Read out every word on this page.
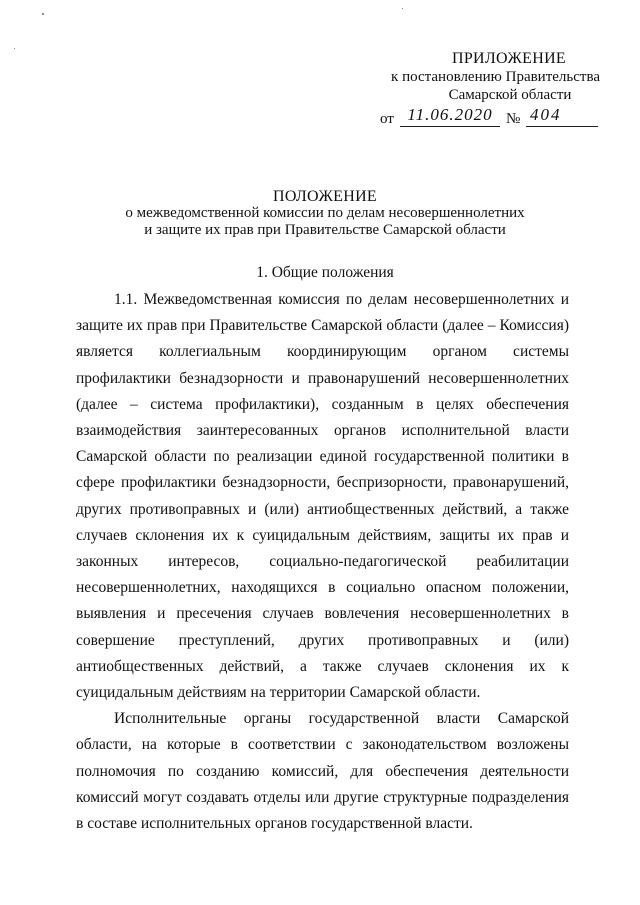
ПРИЛОЖЕНИЕ
к постановлению Правительства
Самарской области
от 11.06.2020 № 404
ПОЛОЖЕНИЕ
о межведомственной комиссии по делам несовершеннолетних
и защите их прав при Правительстве Самарской области
1. Общие положения

1.1. Межведомственная комиссия по делам несовершеннолетних и защите их прав при Правительстве Самарской области (далее – Комиссия) является коллегиальным координирующим органом системы профилактики безнадзорности и правонарушений несовершеннолетних (далее – система профилактики), созданным в целях обеспечения взаимодействия заинтересованных органов исполнительной власти Самарской области по реализации единой государственной политики в сфере профилактики безнадзорности, беспризорности, правонарушений, других противоправных и (или) антиобщественных действий, а также случаев склонения их к суицидальным действиям, защиты их прав и законных интересов, социально-педагогической реабилитации несовершеннолетних, находящихся в социально опасном положении, выявления и пресечения случаев вовлечения несовершеннолетних в совершение преступлений, других противоправных и (или) антиобщественных действий, а также случаев склонения их к суицидальным действиям на территории Самарской области.

Исполнительные органы государственной власти Самарской области, на которые в соответствии с законодательством возложены полномочия по созданию комиссий, для обеспечения деятельности комиссий могут создавать отделы или другие структурные подразделения в составе исполнительных органов государственной власти.
